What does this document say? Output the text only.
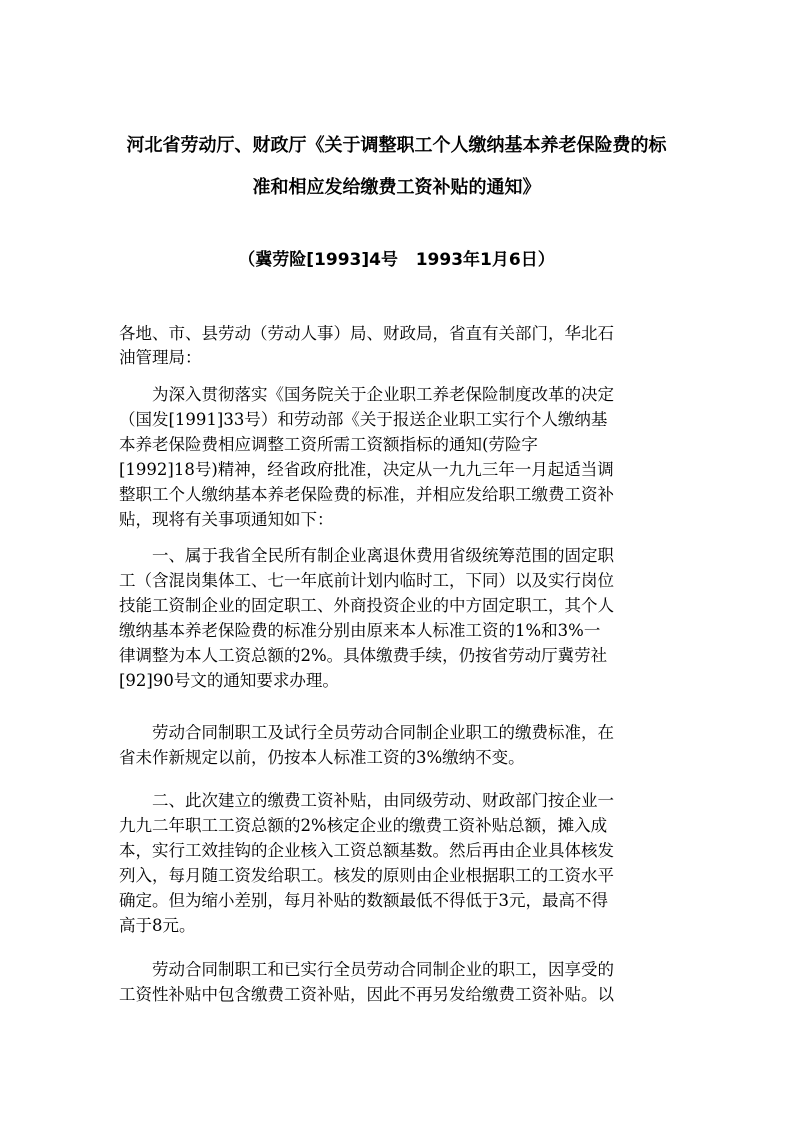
河北省劳动厅、财政厅《关于调整职工个人缴纳基本养老保险费的标
准和相应发给缴费工资补贴的通知》
（冀劳险[1993]4号   1993年1月6日）
各地、市、县劳动（劳动人事）局、财政局，省直有关部门，华北石
油管理局：
为深入贯彻落实《国务院关于企业职工养老保险制度改革的决定
（国发[1991]33号）和劳动部《关于报送企业职工实行个人缴纳基
本养老保险费相应调整工资所需工资额指标的通知(劳险字
[1992]18号)精神，经省政府批准，决定从一九九三年一月起适当调
整职工个人缴纳基本养老保险费的标准，并相应发给职工缴费工资补
贴，现将有关事项通知如下：
一、属于我省全民所有制企业离退休费用省级统筹范围的固定职
工（含混岗集体工、七一年底前计划内临时工，下同）以及实行岗位
技能工资制企业的固定职工、外商投资企业的中方固定职工，其个人
缴纳基本养老保险费的标准分别由原来本人标准工资的1%和3%一
律调整为本人工资总额的2%。具体缴费手续，仍按省劳动厅冀劳社
[92]90号文的通知要求办理。
劳动合同制职工及试行全员劳动合同制企业职工的缴费标准，在
省未作新规定以前，仍按本人标准工资的3%缴纳不变。
二、此次建立的缴费工资补贴，由同级劳动、财政部门按企业一
九九二年职工工资总额的2%核定企业的缴费工资补贴总额，摊入成
本，实行工效挂钩的企业核入工资总额基数。然后再由企业具体核发
列入，每月随工资发给职工。核发的原则由企业根据职工的工资水平
确定。但为缩小差别，每月补贴的数额最低不得低于3元，最高不得
高于8元。
劳动合同制职工和已实行全员劳动合同制企业的职工，因享受的
工资性补贴中包含缴费工资补贴，因此不再另发给缴费工资补贴。以
